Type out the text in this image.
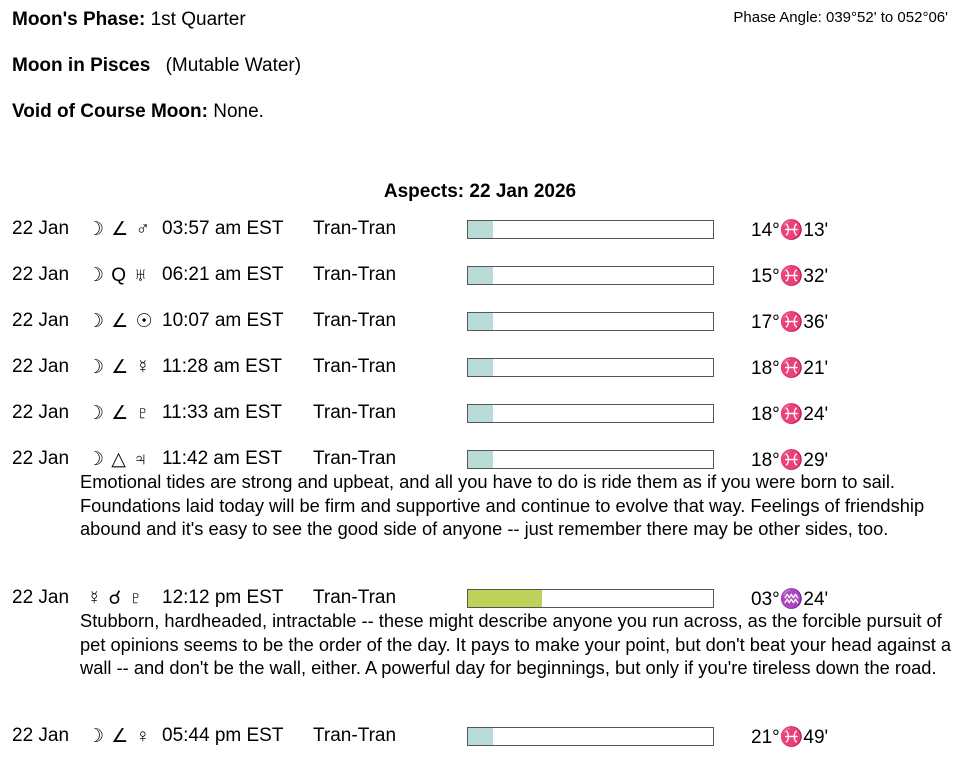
Moon's Phase: 1st Quarter	Phase Angle: 039°52' to 052°06'
Moon in Pisces (Mutable Water)
Void of Course Moon: None.
Aspects: 22 Jan 2026
22 Jan ☽ ∠ ♂ 03:57 am EST Tran-Tran	14°♓13'
22 Jan ☽ Q ♅ 06:21 am EST Tran-Tran	15°♓32'
22 Jan ☽ ∠ ☉ 10:07 am EST Tran-Tran	17°♓36'
22 Jan ☽ ∠ ☿ 11:28 am EST Tran-Tran	18°♓21'
22 Jan ☽ ∠ ♇ 11:33 am EST Tran-Tran	18°♓24'
22 Jan ☽ △ ♃ 11:42 am EST Tran-Tran	18°♓29'
Emotional tides are strong and upbeat, and all you have to do is ride them as if you were born to sail. Foundations laid today will be firm and supportive and continue to evolve that way. Feelings of friendship abound and it's easy to see the good side of anyone -- just remember there may be other sides, too.
22 Jan ☿ ☌ ♇ 12:12 pm EST Tran-Tran	03°♒24'
Stubborn, hardheaded, intractable -- these might describe anyone you run across, as the forcible pursuit of pet opinions seems to be the order of the day. It pays to make your point, but don't beat your head against a wall -- and don't be the wall, either. A powerful day for beginnings, but only if you're tireless down the road.
22 Jan ☽ ∠ ♀ 05:44 pm EST Tran-Tran	21°♓49'
